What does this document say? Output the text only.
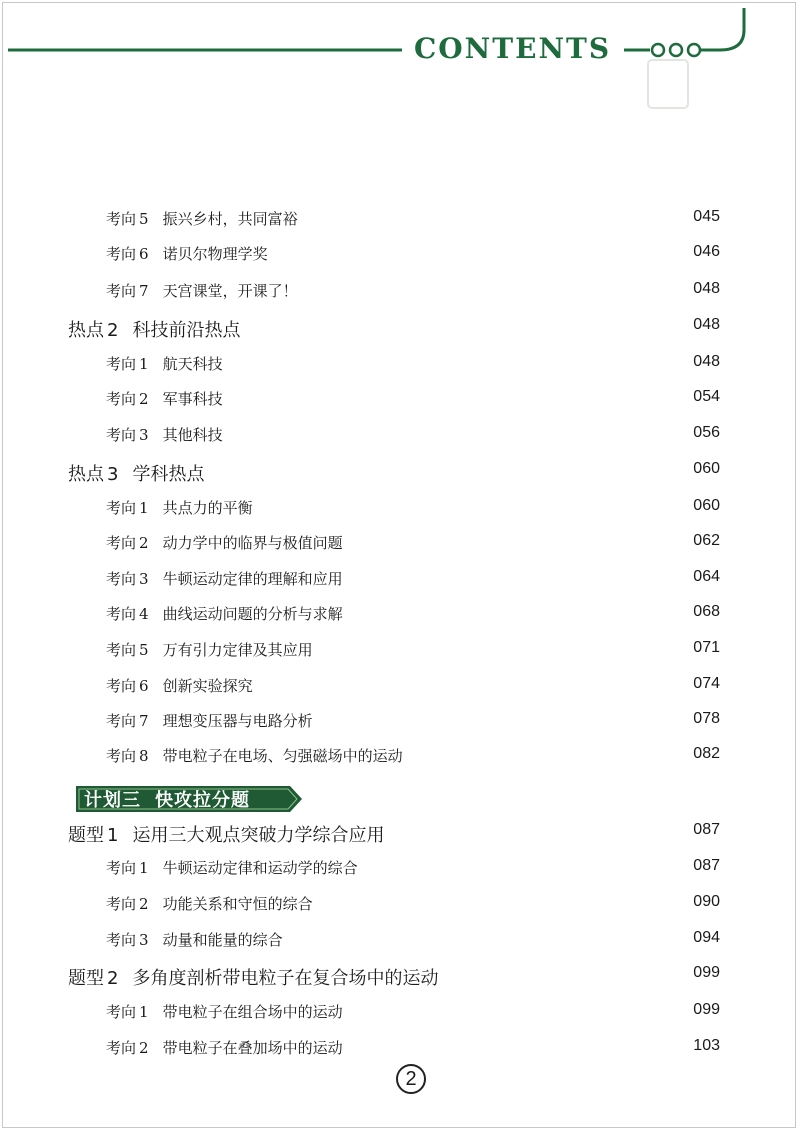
CONTENTS
考向 5 振兴乡村，共同富裕	045
考向 6 诺贝尔物理学奖	046
考向 7 天宫课堂，开课了！	048
热点 2 科技前沿热点	048
考向 1 航天科技	048
考向 2 军事科技	054
考向 3 其他科技	056
热点 3 学科热点	060
考向 1 共点力的平衡	060
考向 2 动力学中的临界与极值问题	062
考向 3 牛顿运动定律的理解和应用	064
考向 4 曲线运动问题的分析与求解	068
考向 5 万有引力定律及其应用	071
考向 6 创新实验探究	074
考向 7 理想变压器与电路分析	078
考向 8 带电粒子在电场、匀强磁场中的运动	082
计划三 快攻拉分题
题型 1 运用三大观点突破力学综合应用	087
考向 1 牛顿运动定律和运动学的综合	087
考向 2 功能关系和守恒的综合	090
考向 3 动量和能量的综合	094
题型 2 多角度剖析带电粒子在复合场中的运动	099
考向 1 带电粒子在组合场中的运动	099
考向 2 带电粒子在叠加场中的运动	103
2
